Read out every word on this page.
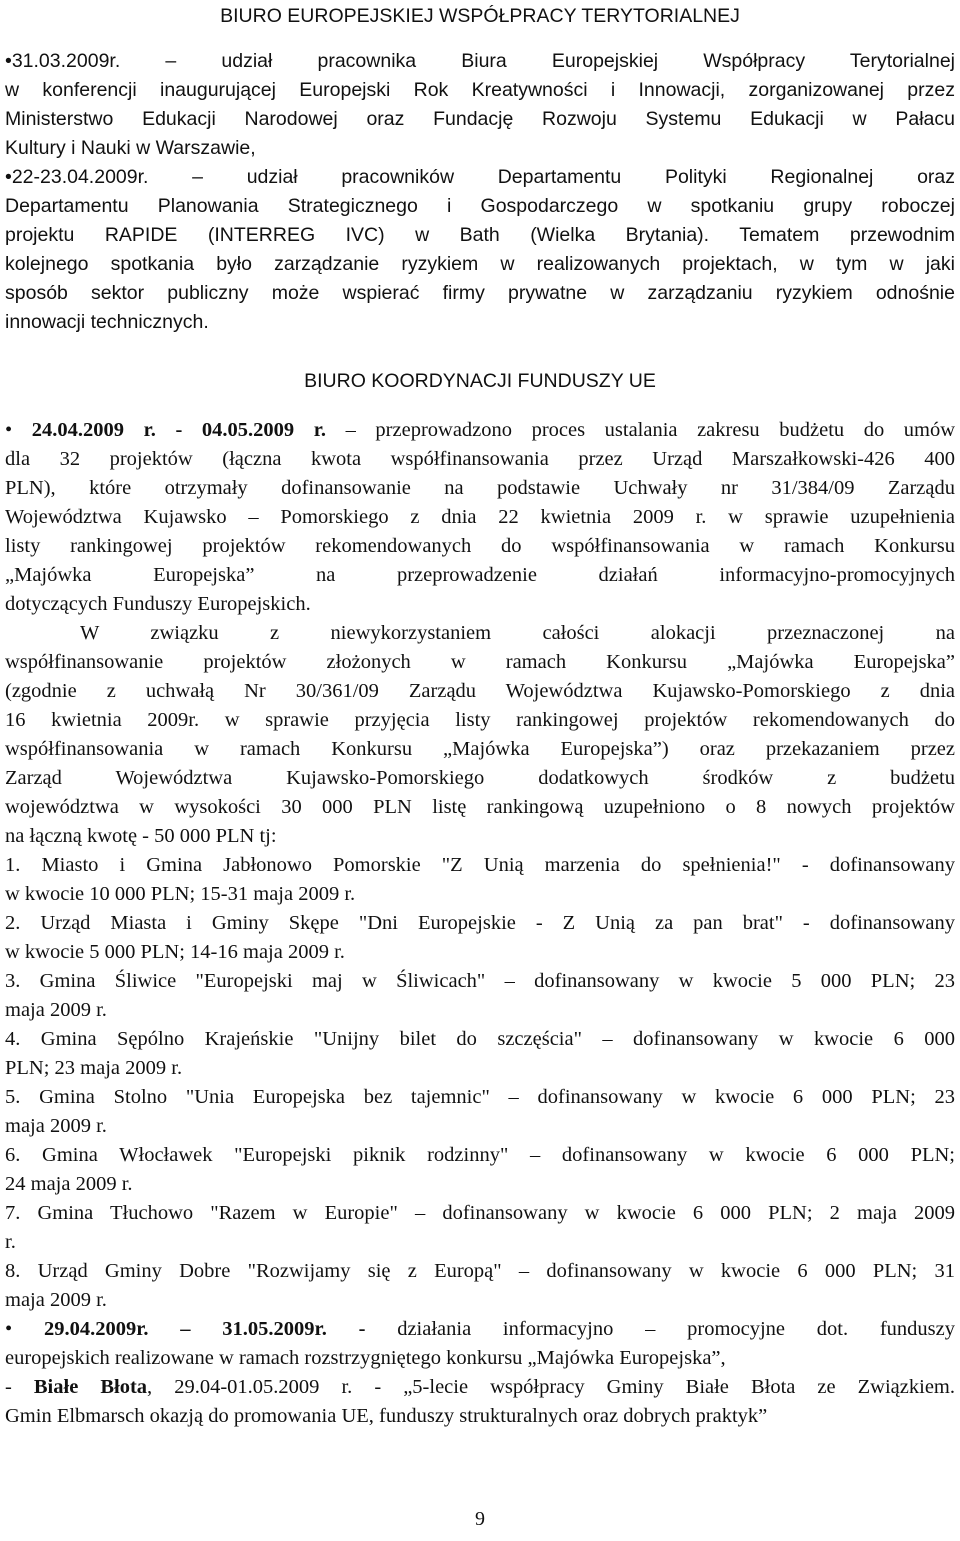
BIURO EUROPEJSKIEJ WSPÓŁPRACY TERYTORIALNEJ
•31.03.2009r. – udział pracownika Biura Europejskiej Współpracy Terytorialnej
w konferencji inaugurującej Europejski Rok Kreatywności i Innowacji, zorganizowanej przez
Ministerstwo Edukacji Narodowej oraz Fundację Rozwoju Systemu Edukacji w Pałacu
Kultury i Nauki w Warszawie,
•22-23.04.2009r. – udział pracowników Departamentu Polityki Regionalnej oraz
Departamentu Planowania Strategicznego i Gospodarczego w spotkaniu grupy roboczej
projektu RAPIDE (INTERREG IVC) w Bath (Wielka Brytania). Tematem przewodnim
kolejnego spotkania było zarządzanie ryzykiem w realizowanych projektach, w tym w jaki
sposób sektor publiczny może wspierać firmy prywatne w zarządzaniu ryzykiem odnośnie
innowacji technicznych.
BIURO KOORDYNACJI FUNDUSZY UE
• 24.04.2009 r. - 04.05.2009 r. – przeprowadzono proces ustalania zakresu budżetu do umów
dla 32 projektów (łączna kwota współfinansowania przez Urząd Marszałkowski-426 400
PLN), które otrzymały dofinansowanie na podstawie Uchwały nr 31/384/09 Zarządu
Województwa Kujawsko – Pomorskiego z dnia 22 kwietnia 2009 r. w sprawie uzupełnienia
listy rankingowej projektów rekomendowanych do współfinansowania w ramach Konkursu
„Majówka Europejska” na przeprowadzenie działań informacyjno-promocyjnych
dotyczących Funduszy Europejskich.
W związku z niewykorzystaniem całości alokacji przeznaczonej na
współfinansowanie projektów złożonych w ramach Konkursu „Majówka Europejska”
(zgodnie z uchwałą Nr 30/361/09 Zarządu Województwa Kujawsko-Pomorskiego z dnia
16 kwietnia 2009r. w sprawie przyjęcia listy rankingowej projektów rekomendowanych do
współfinansowania w ramach Konkursu „Majówka Europejska”) oraz przekazaniem przez
Zarząd Województwa Kujawsko-Pomorskiego dodatkowych środków z budżetu
województwa w wysokości 30 000 PLN listę rankingową uzupełniono o 8 nowych projektów
na łączną kwotę - 50 000 PLN tj:
1. Miasto i Gmina Jabłonowo Pomorskie "Z Unią marzenia do spełnienia!" - dofinansowany
w kwocie 10 000 PLN; 15-31 maja 2009 r.
2. Urząd Miasta i Gminy Skępe "Dni Europejskie - Z Unią za pan brat" - dofinansowany
w kwocie 5 000 PLN; 14-16 maja 2009 r.
3. Gmina Śliwice "Europejski maj w Śliwicach" – dofinansowany w kwocie 5 000 PLN; 23
maja 2009 r.
4. Gmina Sępólno Krajeńskie "Unijny bilet do szczęścia" – dofinansowany w kwocie 6 000
PLN; 23 maja 2009 r.
5. Gmina Stolno "Unia Europejska bez tajemnic" – dofinansowany w kwocie 6 000 PLN; 23
maja 2009 r.
6. Gmina Włocławek "Europejski piknik rodzinny" – dofinansowany w kwocie 6 000 PLN;
24 maja 2009 r.
7. Gmina Tłuchowo "Razem w Europie" – dofinansowany w kwocie 6 000 PLN; 2 maja 2009
r.
8. Urząd Gminy Dobre "Rozwijamy się z Europą" – dofinansowany w kwocie 6 000 PLN; 31
maja 2009 r.
• 29.04.2009r. – 31.05.2009r. - działania informacyjno – promocyjne dot. funduszy
europejskich realizowane w ramach rozstrzygniętego konkursu „Majówka Europejska”,
- Białe Błota, 29.04-01.05.2009 r. - „5-lecie współpracy Gminy Białe Błota ze Związkiem.
Gmin Elbmarsch okazją do promowania UE, funduszy strukturalnych oraz dobrych praktyk”
9
